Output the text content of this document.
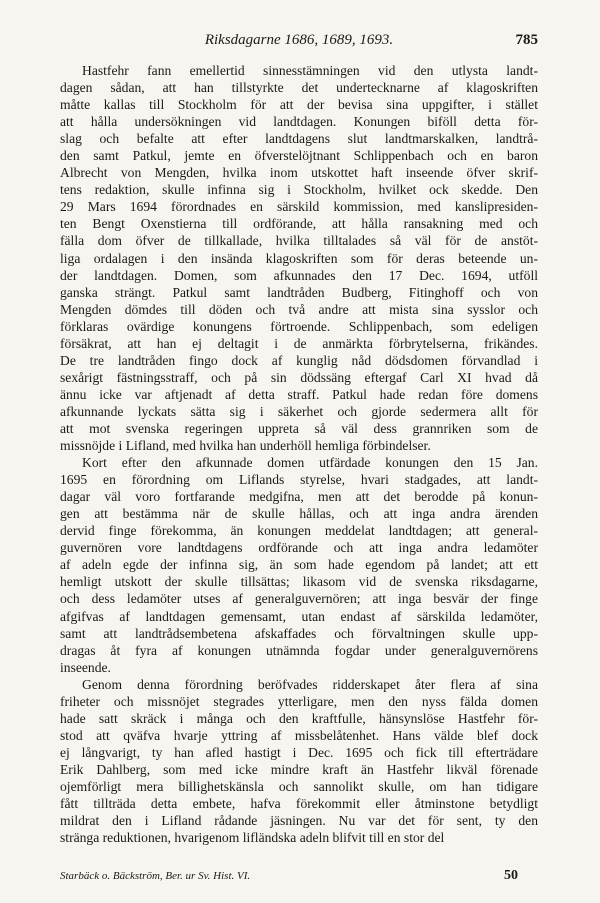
Riksdagarne 1686, 1689, 1693.	785
Hastfehr fann emellertid sinnesstämningen vid den utlysta landt-
dagen sådan, att han tillstyrkte det undertecknarne af klagoskriften
måtte kallas till Stockholm för att der bevisa sina uppgifter, i stället
att hålla undersökningen vid landtdagen. Konungen biföll detta för-
slag och befalte att efter landtdagens slut landtmarskalken, landtrå-
den samt Patkul, jemte en öfverstelöjtnant Schlippenbach och en baron
Albrecht von Mengden, hvilka inom utskottet haft inseende öfver skrif-
tens redaktion, skulle infinna sig i Stockholm, hvilket ock skedde. Den
29 Mars 1694 förordnades en särskild kommission, med kanslipresiden-
ten Bengt Oxenstierna till ordförande, att hålla ransakning med och
fälla dom öfver de tillkallade, hvilka tilltalades så väl för de anstöt-
liga ordalagen i den insända klagoskriften som för deras beteende un-
der landtdagen. Domen, som afkunnades den 17 Dec. 1694, utföll
ganska strängt. Patkul samt landtråden Budberg, Fitinghoff och von
Mengden dömdes till döden och två andre att mista sina sysslor och
förklaras ovärdige konungens förtroende. Schlippenbach, som edeligen
försäkrat, att han ej deltagit i de anmärkta förbrytelserna, frikändes.
De tre landtråden fingo dock af kunglig nåd dödsdomen förvandlad i
sexårigt fästningsstraff, och på sin dödssäng eftergaf Carl XI hvad då
ännu icke var aftjenadt af detta straff. Patkul hade redan före domens
afkunnande lyckats sätta sig i säkerhet och gjorde sedermera allt för
att mot svenska regeringen uppreta så väl dess grannriken som de
missnöjde i Lifland, med hvilka han underhöll hemliga förbindelser.
Kort efter den afkunnade domen utfärdade konungen den 15 Jan.
1695 en förordning om Liflands styrelse, hvari stadgades, att landt-
dagar väl voro fortfarande medgifna, men att det berodde på konun-
gen att bestämma när de skulle hållas, och att inga andra ärenden
dervid finge förekomma, än konungen meddelat landtdagen; att general-
guvernören vore landtdagens ordförande och att inga andra ledamöter
af adeln egde der infinna sig, än som hade egendom på landet; att ett
hemligt utskott der skulle tillsättas; likasom vid de svenska riksdagarne,
och dess ledamöter utses af generalguvernören; att inga besvär der finge
afgifvas af landtdagen gemensamt, utan endast af särskilda ledamöter,
samt att landtrådsembetena afskaffades och förvaltningen skulle upp-
dragas åt fyra af konungen utnämnda fogdar under generalguvernörens
inseende.
Genom denna förordning beröfvades ridderskapet åter flera af sina
friheter och missnöjet stegrades ytterligare, men den nyss fälda domen
hade satt skräck i många och den kraftfulle, hänsynslöse Hastfehr för-
stod att qväfva hvarje yttring af missbelåtenhet. Hans välde blef dock
ej långvarigt, ty han afled hastigt i Dec. 1695 och fick till efterträdare
Erik Dahlberg, som med icke mindre kraft än Hastfehr likväl förenade
ojemförligt mera billighetskänsla och sannolikt skulle, om han tidigare
fått tillträda detta embete, hafva förekommit eller åtminstone betydligt
mildrat den i Lifland rådande jäsningen. Nu var det för sent, ty den
stränga reduktionen, hvarigenom lifländska adeln blifvit till en stor del
Starbäck o. Bäckström, Ber. ur Sv. Hist. VI.	50
